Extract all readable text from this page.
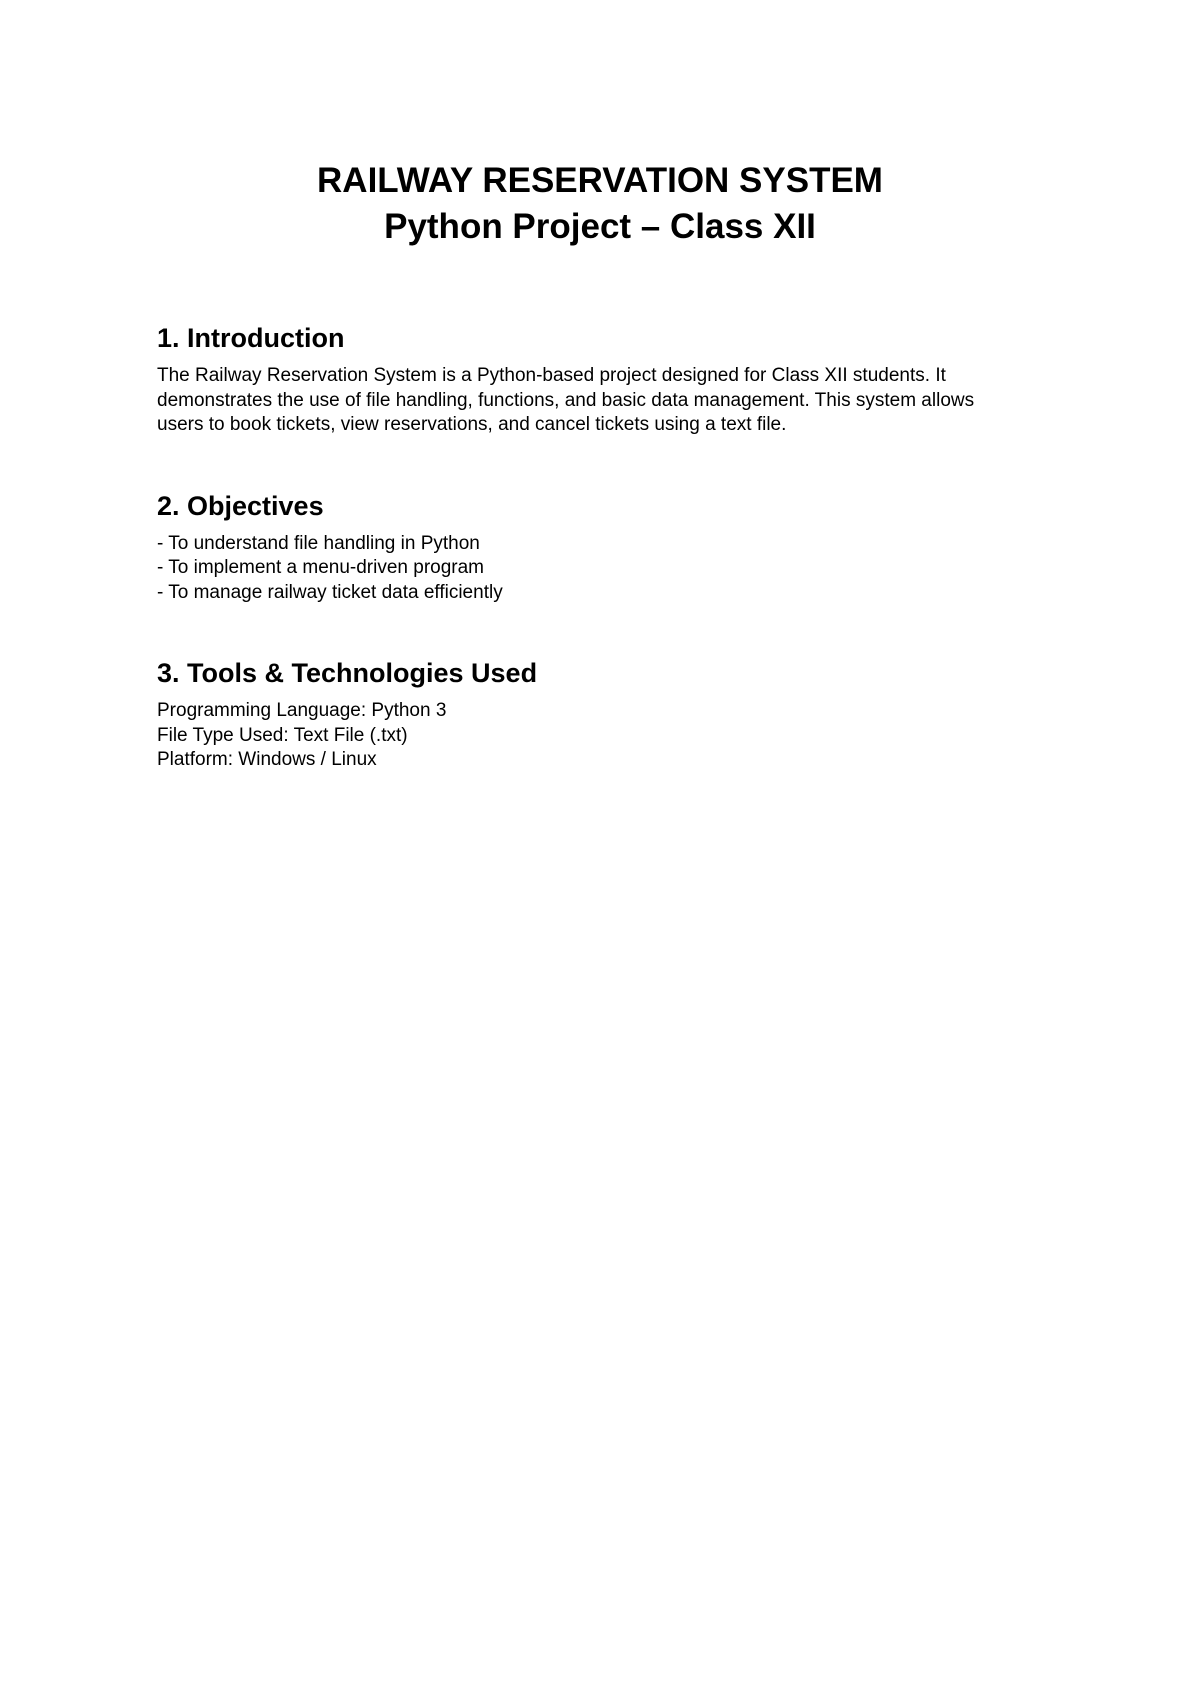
RAILWAY RESERVATION SYSTEM

Python Project – Class XII

1. Introduction

The Railway Reservation System is a Python-based project designed for Class XII students. It

demonstrates the use of file handling, functions, and basic data management. This system allows

users to book tickets, view reservations, and cancel tickets using a text file.

2. Objectives

- To understand file handling in Python

- To implement a menu-driven program

- To manage railway ticket data efficiently

3. Tools & Technologies Used

Programming Language: Python 3

File Type Used: Text File (.txt)

Platform: Windows / Linux
